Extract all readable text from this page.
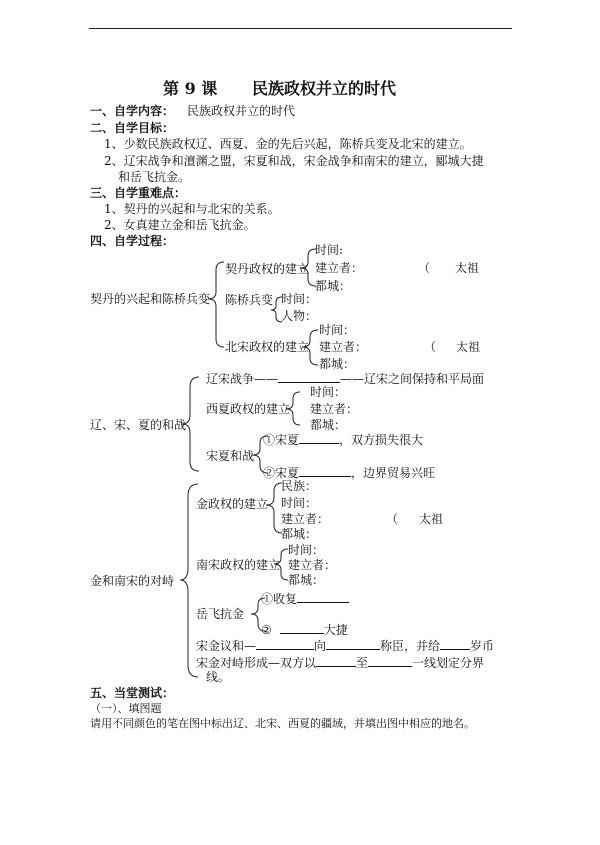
第 9 课 民族政权并立的时代
一、自学内容： 民族政权并立的时代
二、自学目标：
1、少数民族政权辽、西夏、金的先后兴起，陈桥兵变及北宋的建立。
2、辽宋战争和澶渊之盟，宋夏和战，宋金战争和南宋的建立，郾城大捷
和岳飞抗金。
三、自学重难点：
1、契丹的兴起和与北宋的关系。
2、女真建立金和岳飞抗金。
四、自学过程：
契丹的兴起和陈桥兵变
契丹政权的建立
时间:
建立者：	（ 太祖
都城：
陈桥兵变 时间：
人物：
北宋政权的建立
时间：
建立者：	（ 太祖
都城：
辽、宋、夏的和战
辽宋战争——	——辽宋之间保持和平局面
西夏政权的建立
时间：
建立者：
都城：
宋夏和战
①宋夏	，双方损失很大
②宋夏	，边界贸易兴旺
金和南宋的对峙
金政权的建立
民族：
时间：
建立者：	（ 太祖
都城：
南宋政权的建立
时间：
建立者：
都城：
岳飞抗金
①收复
②	大捷
宋金议和—	向	称臣，并给	岁币
宋金对峙形成—双方以	至	一线划定分界
线。
五、当堂测试：
（一）、填图题
请用不同颜色的笔在图中标出辽、北宋、西夏的疆域，并填出图中相应的地名。
